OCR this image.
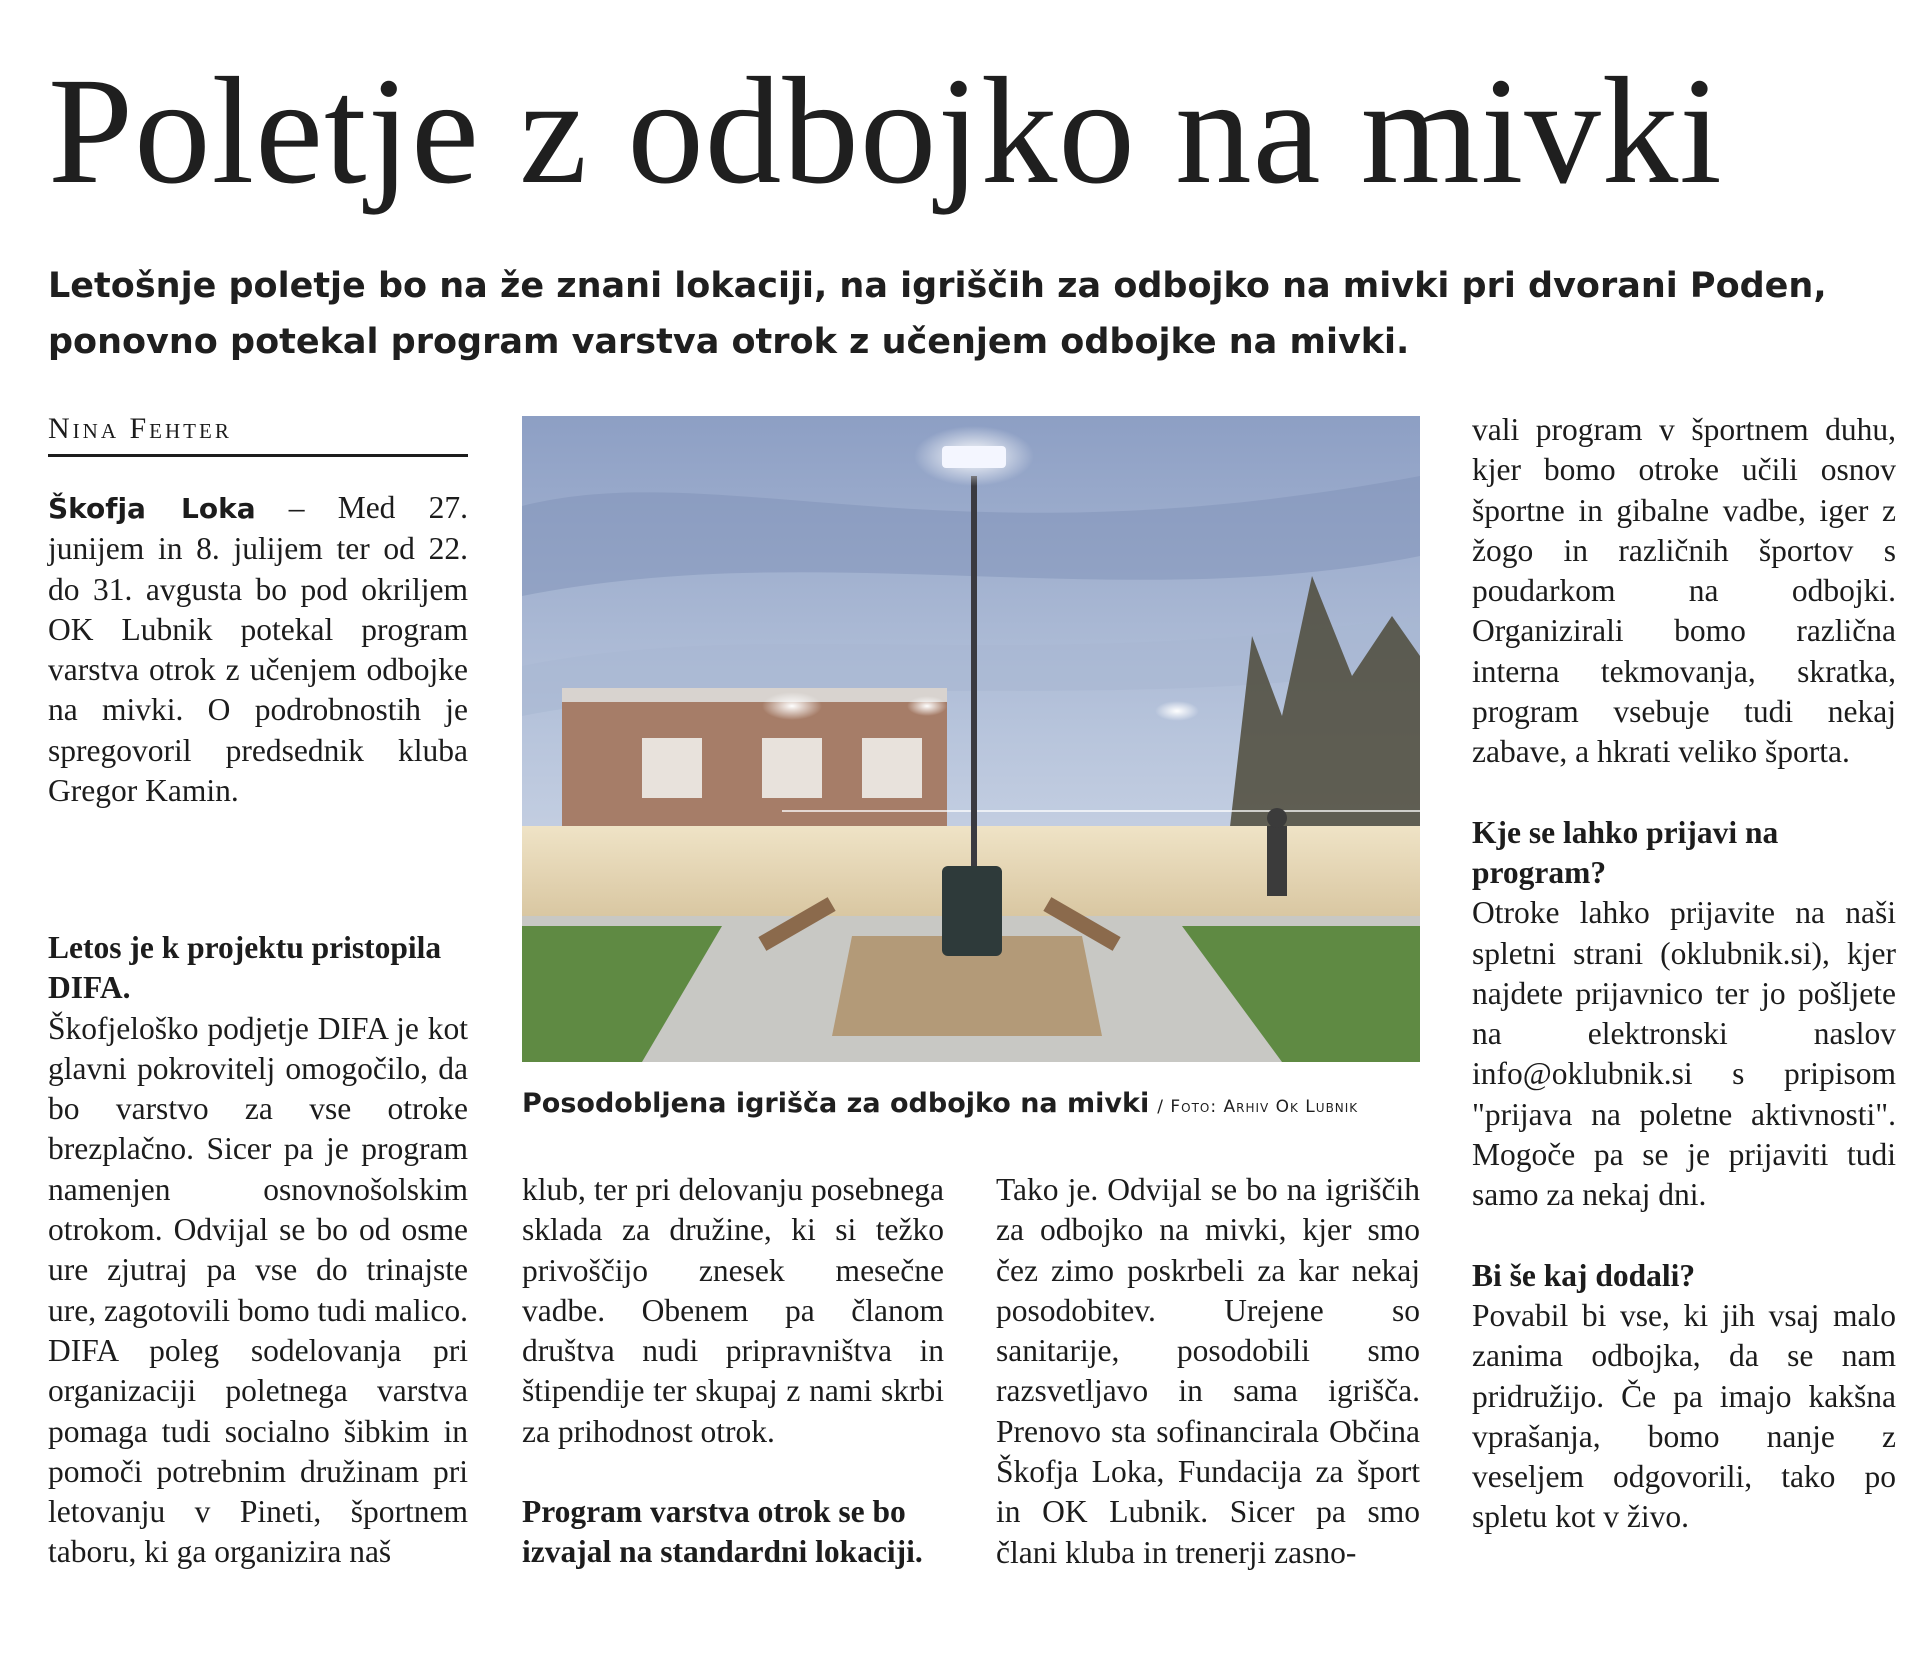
Poletje z odbojko na mivki

Letošnje poletje bo na že znani lokaciji, na igriščih za odbojko na mivki pri dvorani Poden, ponovno potekal program varstva otrok z učenjem odbojke na mivki.

Nina Fehter

Škofja Loka – Med 27. junijem in 8. julijem ter od 22. do 31. avgusta bo pod okriljem OK Lubnik potekal program varstva otrok z učenjem odbojke na mivki. O podrobnostih je spregovoril predsednik kluba Gregor Kamin.

Letos je k projektu pristopila DIFA.

Škofjeloško podjetje DIFA je kot glavni pokrovitelj omogočilo, da bo varstvo za vse otroke brezplačno. Sicer pa je program namenjen osnovnošolskim otrokom. Odvijal se bo od osme ure zjutraj pa vse do trinajste ure, zagotovili bomo tudi malico. DIFA poleg sodelovanja pri organizaciji poletnega varstva pomaga tudi socialno šibkim in pomoči potrebnim družinam pri letovanju v Pineti, športnem taboru, ki ga organizira naš

Posodobljena igrišča za odbojko na mivki / Foto: Arhiv Ok Lubnik

klub, ter pri delovanju posebnega sklada za družine, ki si težko privoščijo znesek mesečne vadbe. Obenem pa članom društva nudi pripravništva in štipendije ter skupaj z nami skrbi za prihodnost otrok.

Program varstva otrok se bo izvajal na standardni lokaciji.

Tako je. Odvijal se bo na igriščih za odbojko na mivki, kjer smo čez zimo poskrbeli za kar nekaj posodobitev. Urejene so sanitarije, posodobili smo razsvetljavo in sama igrišča. Prenovo sta sofinancirala Občina Škofja Loka, Fundacija za šport in OK Lubnik. Sicer pa smo člani kluba in trenerji zasno-

vali program v športnem duhu, kjer bomo otroke učili osnov športne in gibalne vadbe, iger z žogo in različnih športov s poudarkom na odbojki. Organizirali bomo različna interna tekmovanja, skratka, program vsebuje tudi nekaj zabave, a hkrati veliko športa.

Kje se lahko prijavi na program?

Otroke lahko prijavite na naši spletni strani (oklubnik.si), kjer najdete prijavnico ter jo pošljete na elektronski naslov info@oklubnik.si s pripisom "prijava na poletne aktivnosti". Mogoče pa se je prijaviti tudi samo za nekaj dni.

Bi še kaj dodali?

Povabil bi vse, ki jih vsaj malo zanima odbojka, da se nam pridružijo. Če pa imajo kakšna vprašanja, bomo nanje z veseljem odgovorili, tako po spletu kot v živo.
